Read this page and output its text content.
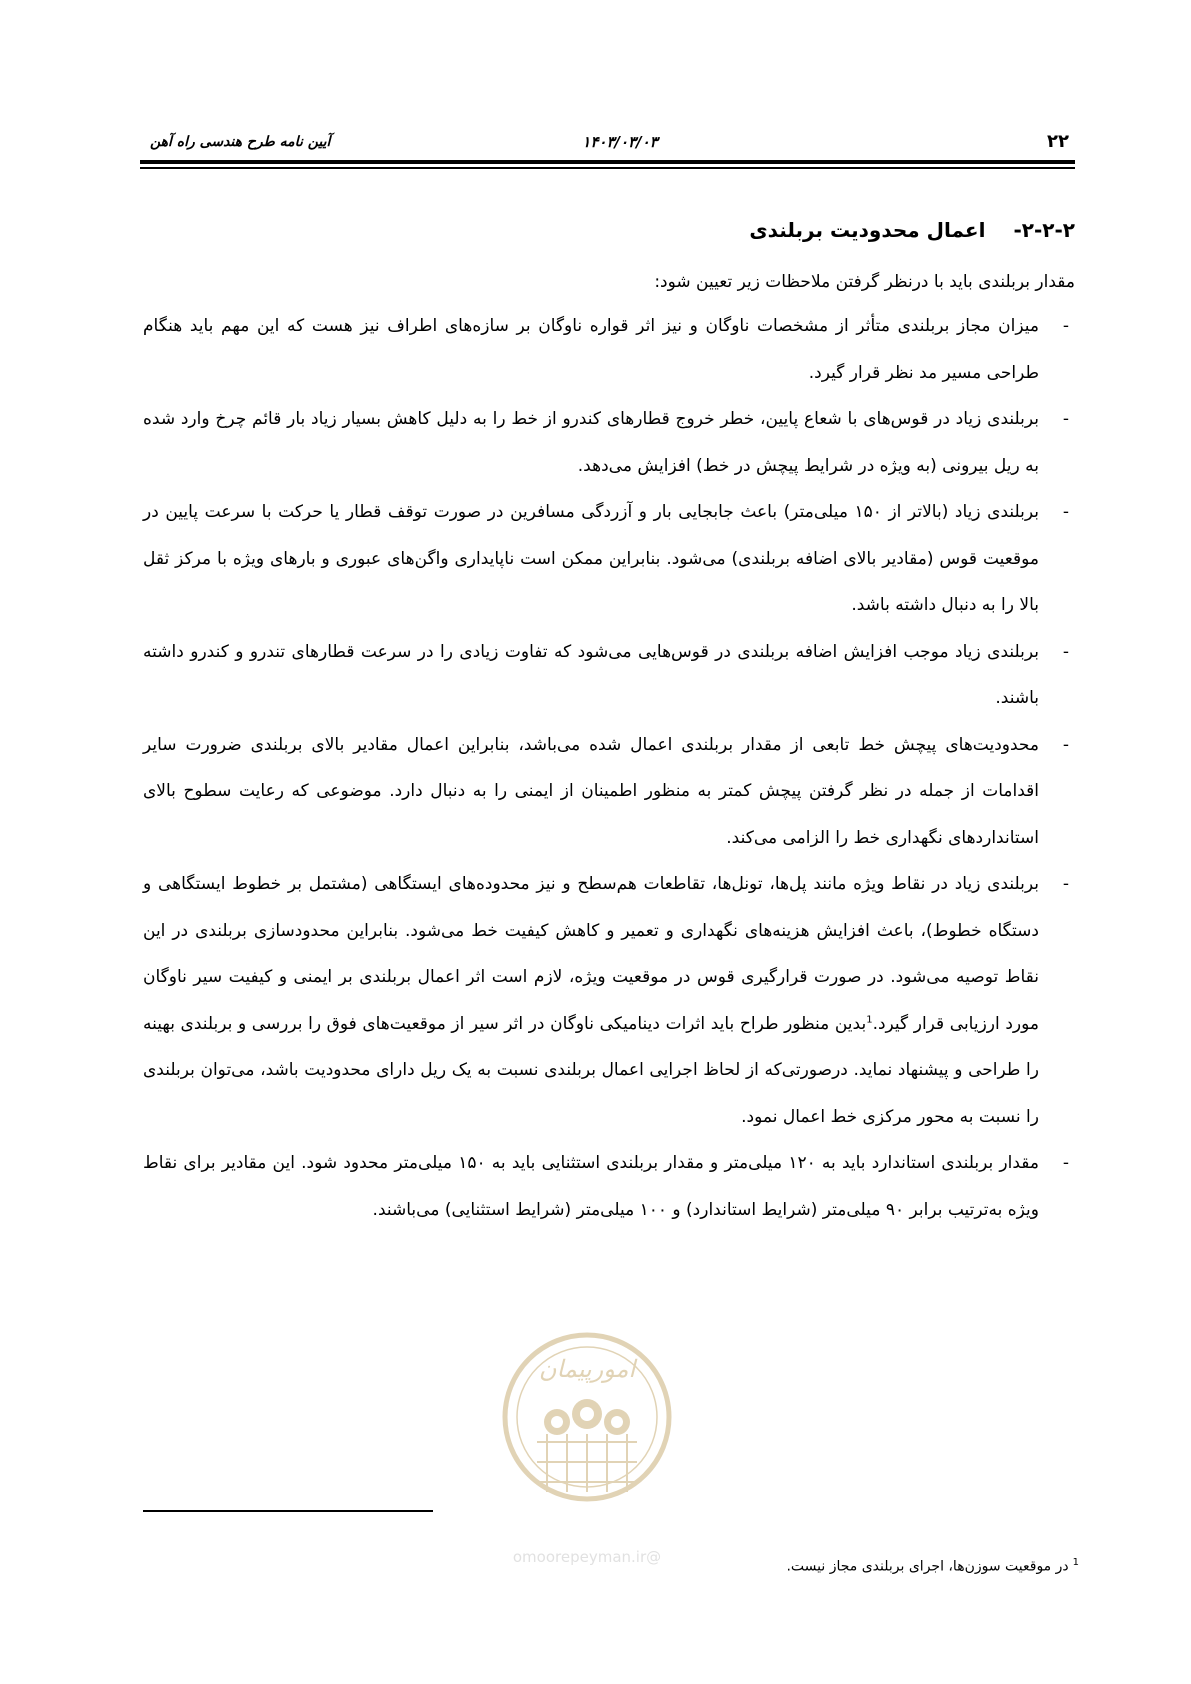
۲۲
۱۴۰۳/۰۳/۰۳
آیین نامه طرح هندسی راه آهن
۲-۲-۲-
اعمال محدودیت بربلندی

مقدار بربلندی باید با درنظر گرفتن ملاحظات زیر تعیین شود:

-
میزان مجاز بربلندی متأثر از مشخصات ناوگان و نیز اثر قواره ناوگان بر سازه‌های اطراف نیز هست که این مهم باید هنگام طراحی مسیر مد نظر قرار گیرد.
-
بربلندی زیاد در قوس‌های با شعاع پایین، خطر خروج قطارهای کندرو از خط را به دلیل کاهش بسیار زیاد بار قائم چرخ وارد شده به ریل بیرونی (به ویژه در شرایط پیچش در خط) افزایش می‌دهد.
-
بربلندی زیاد (بالاتر از ۱۵۰ میلی‌متر) باعث جابجایی بار و آزردگی مسافرین در صورت توقف قطار یا حرکت با سرعت پایین در موقعیت قوس (مقادیر بالای اضافه بربلندی) می‌شود. بنابراین ممکن است ناپایداری واگن‌های عبوری و بارهای ویژه با مرکز ثقل بالا را به دنبال داشته باشد.
-
بربلندی زیاد موجب افزایش اضافه بربلندی در قوس‌هایی می‌شود که تفاوت زیادی را در سرعت قطارهای تندرو و کندرو داشته باشند.
-
محدودیت‌های پیچش خط تابعی از مقدار بربلندی اعمال شده می‌باشد، بنابراین اعمال مقادیر بالای بربلندی ضرورت سایر اقدامات از جمله در نظر گرفتن پیچش کمتر به منظور اطمینان از ایمنی را به دنبال دارد. موضوعی که رعایت سطوح بالای استانداردهای نگهداری خط را الزامی می‌کند.
-
بربلندی زیاد در نقاط ویژه مانند پل‌ها، تونل‌ها، تقاطعات هم‌سطح و نیز محدوده‌های ایستگاهی (مشتمل بر خطوط ایستگاهی و دستگاه خطوط)، باعث افزایش هزینه‌های نگهداری و تعمیر و کاهش کیفیت خط می‌شود. بنابراین محدودسازی بربلندی در این نقاط توصیه می‌شود. در صورت قرارگیری قوس در موقعیت ویژه، لازم است اثر اعمال بربلندی بر ایمنی و کیفیت سیر ناوگان مورد ارزیابی قرار گیرد.$^1$بدین منظور طراح باید اثرات دینامیکی ناوگان در اثر سیر از موقعیت‌های فوق را بررسی و بربلندی بهینه را طراحی و پیشنهاد نماید. درصورتی‌که از لحاظ اجرایی اعمال بربلندی نسبت به یک ریل دارای محدودیت باشد، می‌توان بربلندی را نسبت به محور مرکزی خط اعمال نمود.
-
مقدار بربلندی استاندارد باید به ۱۲۰ میلی‌متر و مقدار بربلندی استثنایی باید به ۱۵۰ میلی‌متر محدود شود. این مقادیر برای نقاط ویژه به‌ترتیب برابر ۹۰ میلی‌متر (شرایط استاندارد) و ۱۰۰ میلی‌متر (شرایط استثنایی) می‌باشند.
امورپیمان
@omoorepeyman.ir	$^1$در موقعیت سوزن‌ها، اجرای بربلندی مجاز نیست.
